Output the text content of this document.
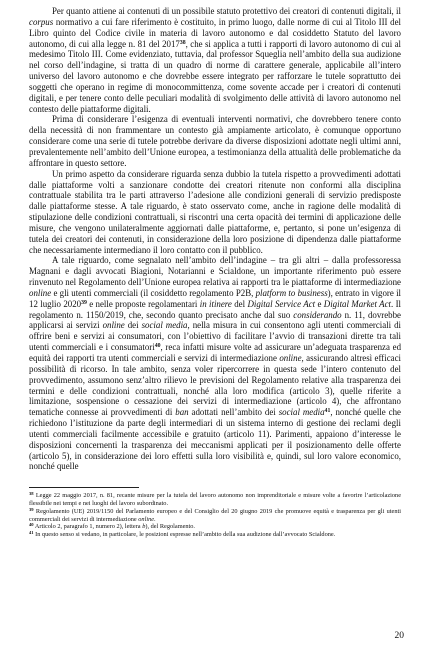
Per quanto attiene ai contenuti di un possibile statuto protettivo dei creatori di contenuti digitali, il corpus normativo a cui fare riferimento è costituito, in primo luogo, dalle norme di cui al Titolo III del Libro quinto del Codice civile in materia di lavoro autonomo e dal cosiddetto Statuto del lavoro autonomo, di cui alla legge n. 81 del 2017$^{38}$, che si applica a tutti i rapporti di lavoro autonomo di cui al medesimo Titolo III. Come evidenziato, tuttavia, dal professor Squeglia nell’ambito della sua audizione nel corso dell’indagine, si tratta di un quadro di norme di carattere generale, applicabile all’intero universo del lavoro autonomo e che dovrebbe essere integrato per rafforzare le tutele soprattutto dei soggetti che operano in regime di monocommittenza, come sovente accade per i creatori di contenuti digitali, e per tenere conto delle peculiari modalità di svolgimento delle attività di lavoro autonomo nel contesto delle piattaforme digitali.

Prima di considerare l’esigenza di eventuali interventi normativi, che dovrebbero tenere conto della necessità di non frammentare un contesto già ampiamente articolato, è comunque opportuno considerare come una serie di tutele potrebbe derivare da diverse disposizioni adottate negli ultimi anni, prevalentemente nell’ambito dell’Unione europea, a testimonianza della attualità delle problematiche da affrontare in questo settore.

Un primo aspetto da considerare riguarda senza dubbio la tutela rispetto a provvedimenti adottati dalle piattaforme volti a sanzionare condotte dei creatori ritenute non conformi alla disciplina contrattuale stabilita tra le parti attraverso l’adesione alle condizioni generali di servizio predisposte dalle piattaforme stesse. A tale riguardo, è stato osservato come, anche in ragione delle modalità di stipulazione delle condizioni contrattuali, si riscontri una certa opacità dei termini di applicazione delle misure, che vengono unilateralmente aggiornati dalle piattaforme, e, pertanto, si pone un’esigenza di tutela dei creatori dei contenuti, in considerazione della loro posizione di dipendenza dalle piattaforme che necessariamente intermediano il loro contatto con il pubblico.

A tale riguardo, come segnalato nell’ambito dell’indagine – tra gli altri – dalla professoressa Magnani e dagli avvocati Biagioni, Notarianni e Scialdone, un importante riferimento può essere rinvenuto nel Regolamento dell’Unione europea relativa ai rapporti tra le piattaforme di intermediazione online e gli utenti commerciali (il cosiddetto regolamento P2B, platform to business), entrato in vigore il 12 luglio 2020$^{39}$ e nelle proposte regolamentari in itinere del Digital Service Act e Digital Market Act. Il regolamento n. 1150/2019, che, secondo quanto precisato anche dal suo considerando n. 11, dovrebbe applicarsi ai servizi online dei social media, nella misura in cui consentono agli utenti commerciali di offrire beni e servizi ai consumatori, con l’obiettivo di facilitare l’avvio di transazioni dirette tra tali utenti commerciali e i consumatori$^{40}$, reca infatti misure volte ad assicurare un’adeguata trasparenza ed equità dei rapporti tra utenti commerciali e servizi di intermediazione online, assicurando altresì efficaci possibilità di ricorso. In tale ambito, senza voler ripercorrere in questa sede l’intero contenuto del provvedimento, assumono senz’altro rilievo le previsioni del Regolamento relative alla trasparenza dei termini e delle condizioni contrattuali, nonché alla loro modifica (articolo 3), quelle riferite a limitazione, sospensione o cessazione dei servizi di intermediazione (articolo 4), che affrontano tematiche connesse ai provvedimenti di ban adottati nell’ambito dei social media$^{41}$, nonché quelle che richiedono l’istituzione da parte degli intermediari di un sistema interno di gestione dei reclami degli utenti commerciali facilmente accessibile e gratuito (articolo 11). Parimenti, appaiono d’interesse le disposizioni concernenti la trasparenza dei meccanismi applicati per il posizionamento delle offerte (articolo 5), in considerazione dei loro effetti sulla loro visibilità e, quindi, sul loro valore economico, nonché quelle

$^{38}$ Legge 22 maggio 2017, n. 81, recante misure per la tutela del lavoro autonomo non imprenditoriale e misure volte a favorire l’articolazione flessibile nei tempi e nei luoghi del lavoro subordinato.

$^{39}$ Regolamento (UE) 2019/1150 del Parlamento europeo e del Consiglio del 20 giugno 2019 che promuove equità e trasparenza per gli utenti commerciali dei servizi di intermediazione online.

$^{40}$ Articolo 2, paragrafo 1, numero 2), lettera b), del Regolamento.

$^{41}$ In questo senso si vedano, in particolare, le posizioni espresse nell’ambito della sua audizione dall’avvocato Scialdone.

20
